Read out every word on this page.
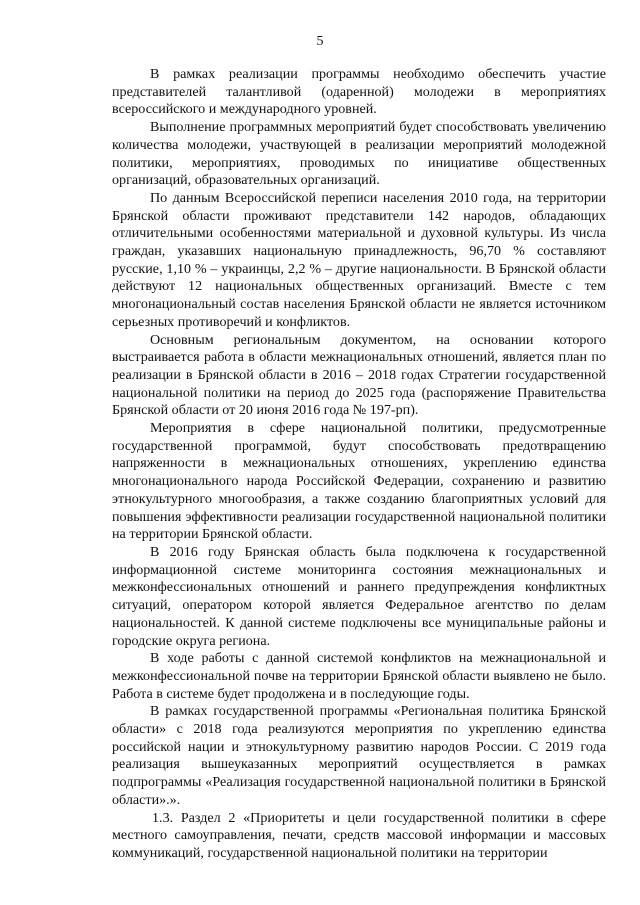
5

В рамках реализации программы необходимо обеспечить участие представителей талантливой (одаренной) молодежи в мероприятиях всероссийского и международного уровней.

Выполнение программных мероприятий будет способствовать увеличению количества молодежи, участвующей в реализации мероприятий молодежной политики, мероприятиях, проводимых по инициативе общественных организаций, образовательных организаций.

По данным Всероссийской переписи населения 2010 года, на территории Брянской области проживают представители 142 народов, обладающих отличительными особенностями материальной и духовной культуры. Из числа граждан, указавших национальную принадлежность, 96,70 % составляют русские, 1,10 % – украинцы, 2,2 % – другие национальности. В Брянской области действуют 12 национальных общественных организаций. Вместе с тем многонациональный состав населения Брянской области не является источником серьезных противоречий и конфликтов.

Основным региональным документом, на основании которого выстраивается работа в области межнациональных отношений, является план по реализации в Брянской области в 2016 – 2018 годах Стратегии государственной национальной политики на период до 2025 года (распоряжение Правительства Брянской области от 20 июня 2016 года № 197-рп).

Мероприятия в сфере национальной политики, предусмотренные государственной программой, будут способствовать предотвращению напряженности в межнациональных отношениях, укреплению единства многонационального народа Российской Федерации, сохранению и развитию этнокультурного многообразия, а также созданию благоприятных условий для повышения эффективности реализации государственной национальной политики на территории Брянской области.

В 2016 году Брянская область была подключена к государственной информационной системе мониторинга состояния межнациональных и межконфессиональных отношений и раннего предупреждения конфликтных ситуаций, оператором которой является Федеральное агентство по делам национальностей. К данной системе подключены все муниципальные районы и городские округа региона.

В ходе работы с данной системой конфликтов на межнациональной и межконфессиональной почве на территории Брянской области выявлено не было. Работа в системе будет продолжена и в последующие годы.

В рамках государственной программы «Региональная политика Брянской области» с 2018 года реализуются мероприятия по укреплению единства российской нации и этнокультурному развитию народов России. С 2019 года реализация вышеуказанных мероприятий осуществляется в рамках подпрограммы «Реализация государственной национальной политики в Брянской области».».

1.3. Раздел 2 «Приоритеты и цели государственной политики в сфере местного самоуправления, печати, средств массовой информации и массовых коммуникаций, государственной национальной политики на территории
